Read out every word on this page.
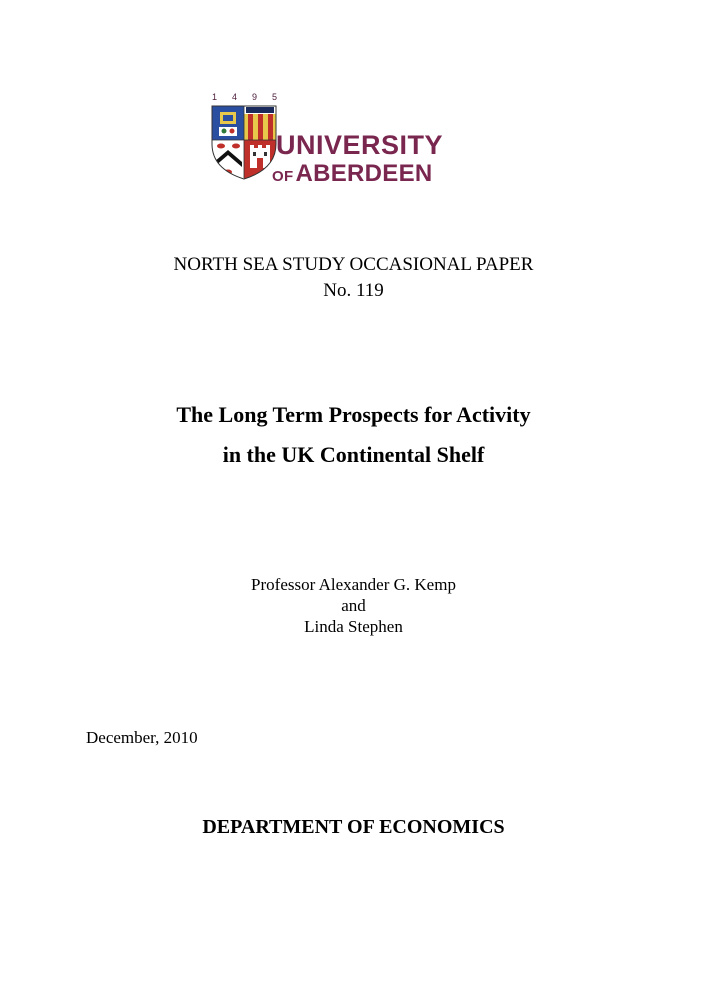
1 4 9 5
UNIVERSITY
OFABERDEEN
NORTH SEA STUDY OCCASIONAL PAPER
No. 119
The Long Term Prospects for Activity
in the UK Continental Shelf
Professor Alexander G. Kemp
and
Linda Stephen
December, 2010
DEPARTMENT OF ECONOMICS
